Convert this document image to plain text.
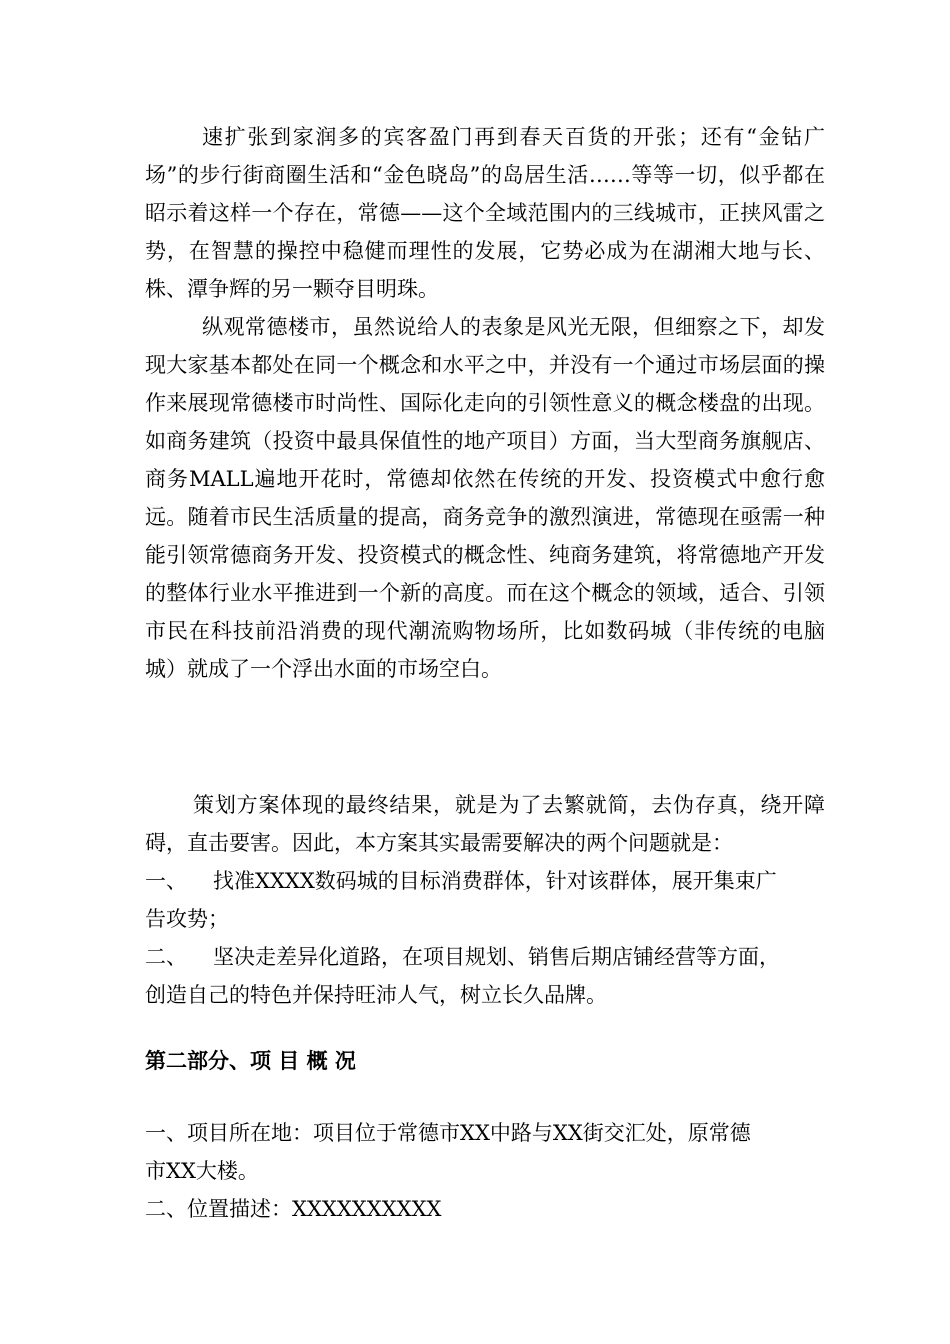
速扩张到家润多的宾客盈门再到春天百货的开张；还有“金钻广场”的步行街商圈生活和“金色晓岛”的岛居生活……等等一切，似乎都在昭示着这样一个存在，常德——这个全域范围内的三线城市，正挟风雷之势，在智慧的操控中稳健而理性的发展，它势必成为在湖湘大地与长、株、潭争辉的另一颗夺目明珠。
纵观常德楼市，虽然说给人的表象是风光无限，但细察之下，却发现大家基本都处在同一个概念和水平之中，并没有一个通过市场层面的操作来展现常德楼市时尚性、国际化走向的引领性意义的概念楼盘的出现。如商务建筑（投资中最具保值性的地产项目）方面，当大型商务旗舰店、商务MALL遍地开花时，常德却依然在传统的开发、投资模式中愈行愈远。随着市民生活质量的提高，商务竞争的激烈演进，常德现在亟需一种能引领常德商务开发、投资模式的概念性、纯商务建筑，将常德地产开发的整体行业水平推进到一个新的高度。而在这个概念的领域，适合、引领市民在科技前沿消费的现代潮流购物场所，比如数码城（非传统的电脑城）就成了一个浮出水面的市场空白。
策划方案体现的最终结果，就是为了去繁就简，去伪存真，绕开障碍，直击要害。因此，本方案其实最需要解决的两个问题就是：
一、 找准XXXX数码城的目标消费群体，针对该群体，展开集束广
告攻势；
二、 坚决走差异化道路，在项目规划、销售后期店铺经营等方面，
创造自己的特色并保持旺沛人气，树立长久品牌。
第二部分、项 目 概 况
一、项目所在地：项目位于常德市XX中路与XX街交汇处，原常德
市XX大楼。
二、位置描述：XXXXXXXXXX
